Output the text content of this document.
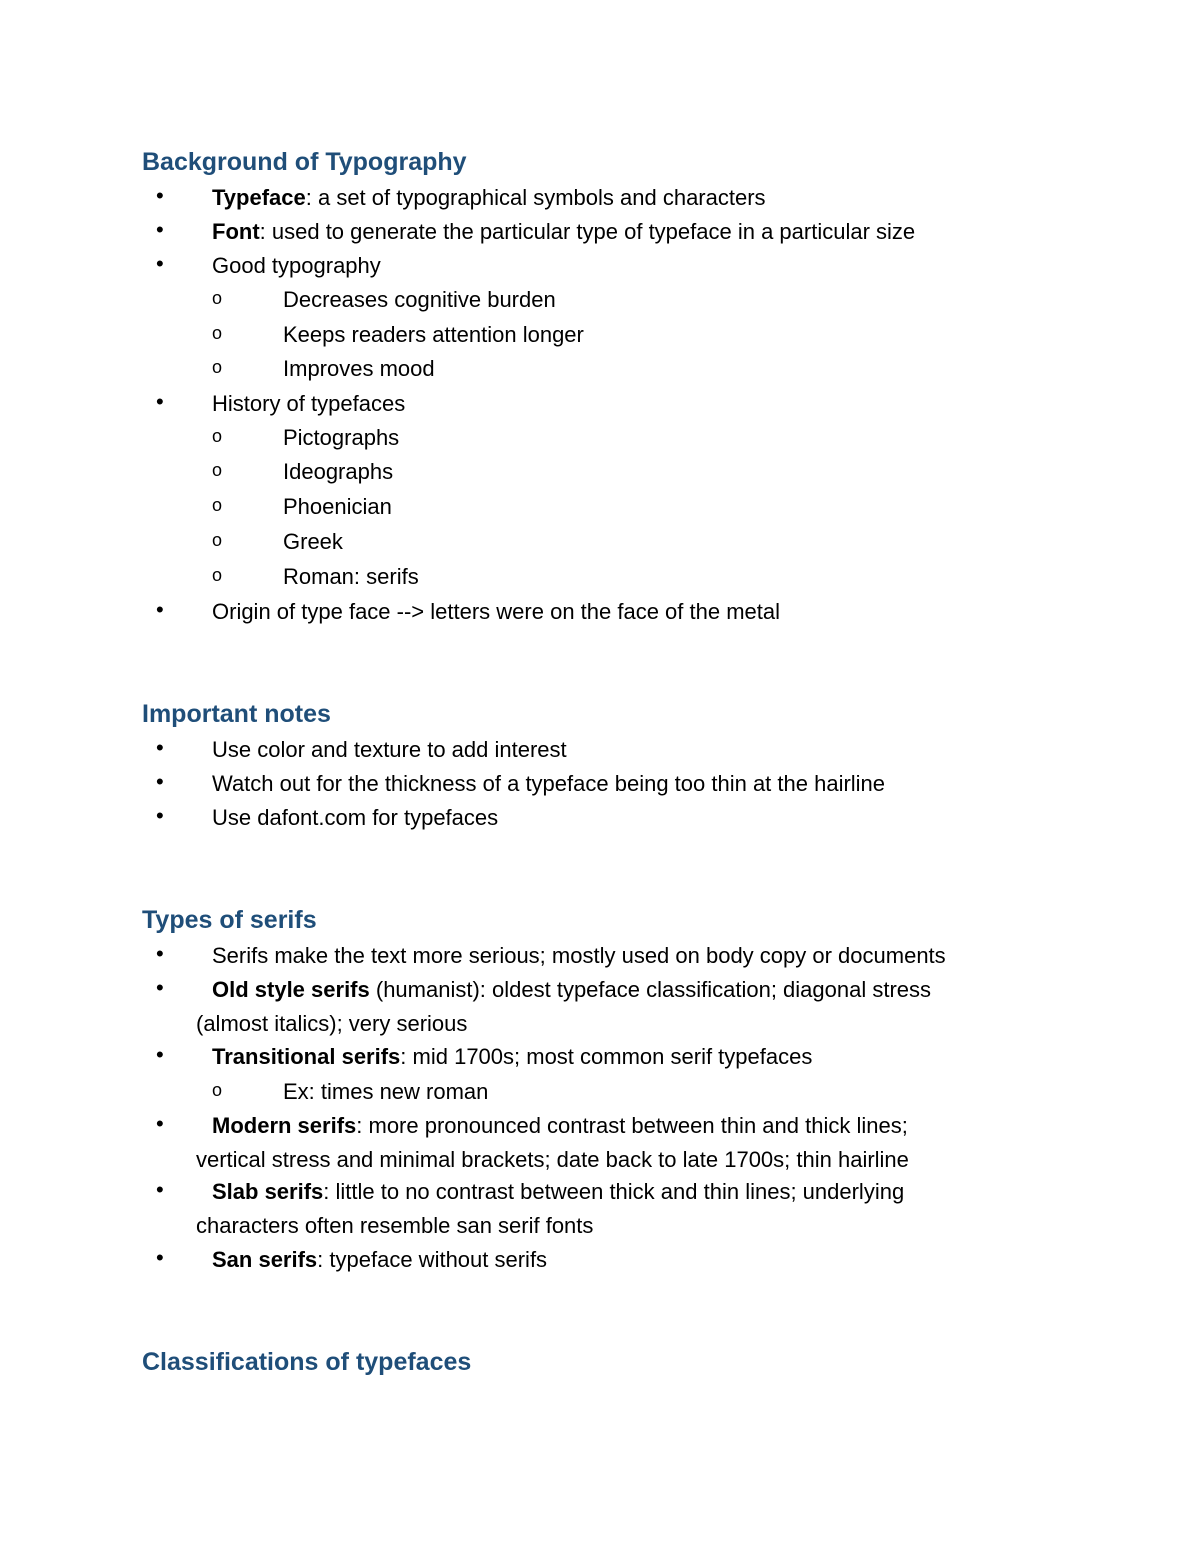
Background of Typography
• Typeface: a set of typographical symbols and characters
• Font: used to generate the particular type of typeface in a particular size
• Good typography
o	Decreases cognitive burden
o	Keeps readers attention longer
o	Improves mood
• History of typefaces
o	Pictographs
o	Ideographs
o	Phoenician
o	Greek
o	Roman: serifs
• Origin of type face --> letters were on the face of the metal
Important notes
• Use color and texture to add interest
• Watch out for the thickness of a typeface being too thin at the hairline
• Use dafont.com for typefaces
Types of serifs
• Serifs make the text more serious; mostly used on body copy or documents
• Old style serifs (humanist): oldest typeface classification; diagonal stress
(almost italics); very serious
• Transitional serifs: mid 1700s; most common serif typefaces
o	Ex: times new roman
• Modern serifs: more pronounced contrast between thin and thick lines;
vertical stress and minimal brackets; date back to late 1700s; thin hairline
• Slab serifs: little to no contrast between thick and thin lines; underlying
characters often resemble san serif fonts
• San serifs: typeface without serifs
Classifications of typefaces
